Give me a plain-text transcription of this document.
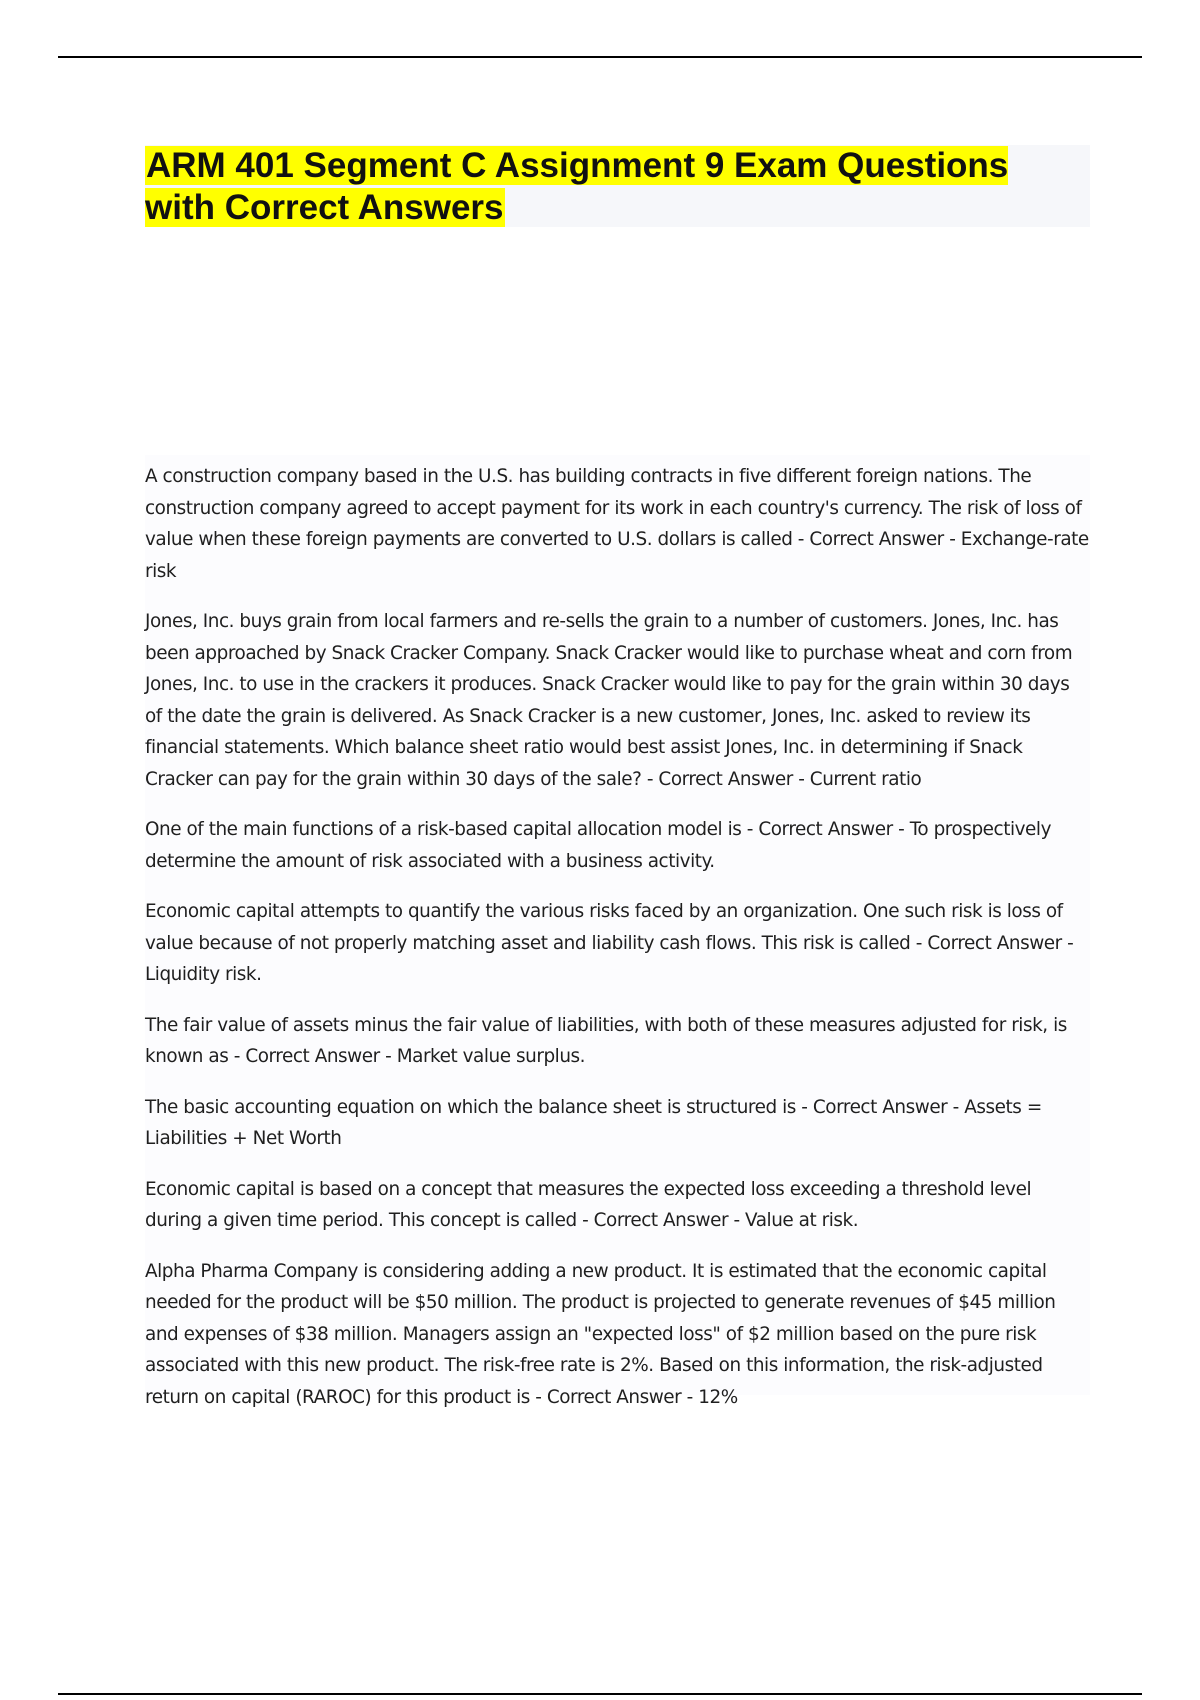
ARM 401 Segment C Assignment 9 Exam Questions with Correct Answers

A construction company based in the U.S. has building contracts in five different foreign nations. The construction company agreed to accept payment for its work in each country's currency. The risk of loss of value when these foreign payments are converted to U.S. dollars is called - Correct Answer - Exchange-rate risk

Jones, Inc. buys grain from local farmers and re-sells the grain to a number of customers. Jones, Inc. has been approached by Snack Cracker Company. Snack Cracker would like to purchase wheat and corn from Jones, Inc. to use in the crackers it produces. Snack Cracker would like to pay for the grain within 30 days of the date the grain is delivered. As Snack Cracker is a new customer, Jones, Inc. asked to review its financial statements. Which balance sheet ratio would best assist Jones, Inc. in determining if Snack Cracker can pay for the grain within 30 days of the sale? - Correct Answer - Current ratio

One of the main functions of a risk-based capital allocation model is - Correct Answer - To prospectively determine the amount of risk associated with a business activity.

Economic capital attempts to quantify the various risks faced by an organization. One such risk is loss of value because of not properly matching asset and liability cash flows. This risk is called - Correct Answer - Liquidity risk.

The fair value of assets minus the fair value of liabilities, with both of these measures adjusted for risk, is known as - Correct Answer - Market value surplus.

The basic accounting equation on which the balance sheet is structured is - Correct Answer - Assets = Liabilities + Net Worth

Economic capital is based on a concept that measures the expected loss exceeding a threshold level during a given time period. This concept is called - Correct Answer - Value at risk.

Alpha Pharma Company is considering adding a new product. It is estimated that the economic capital needed for the product will be $50 million. The product is projected to generate revenues of $45 million and expenses of $38 million. Managers assign an "expected loss" of $2 million based on the pure risk associated with this new product. The risk-free rate is 2%. Based on this information, the risk-adjusted return on capital (RAROC) for this product is - Correct Answer - 12%
